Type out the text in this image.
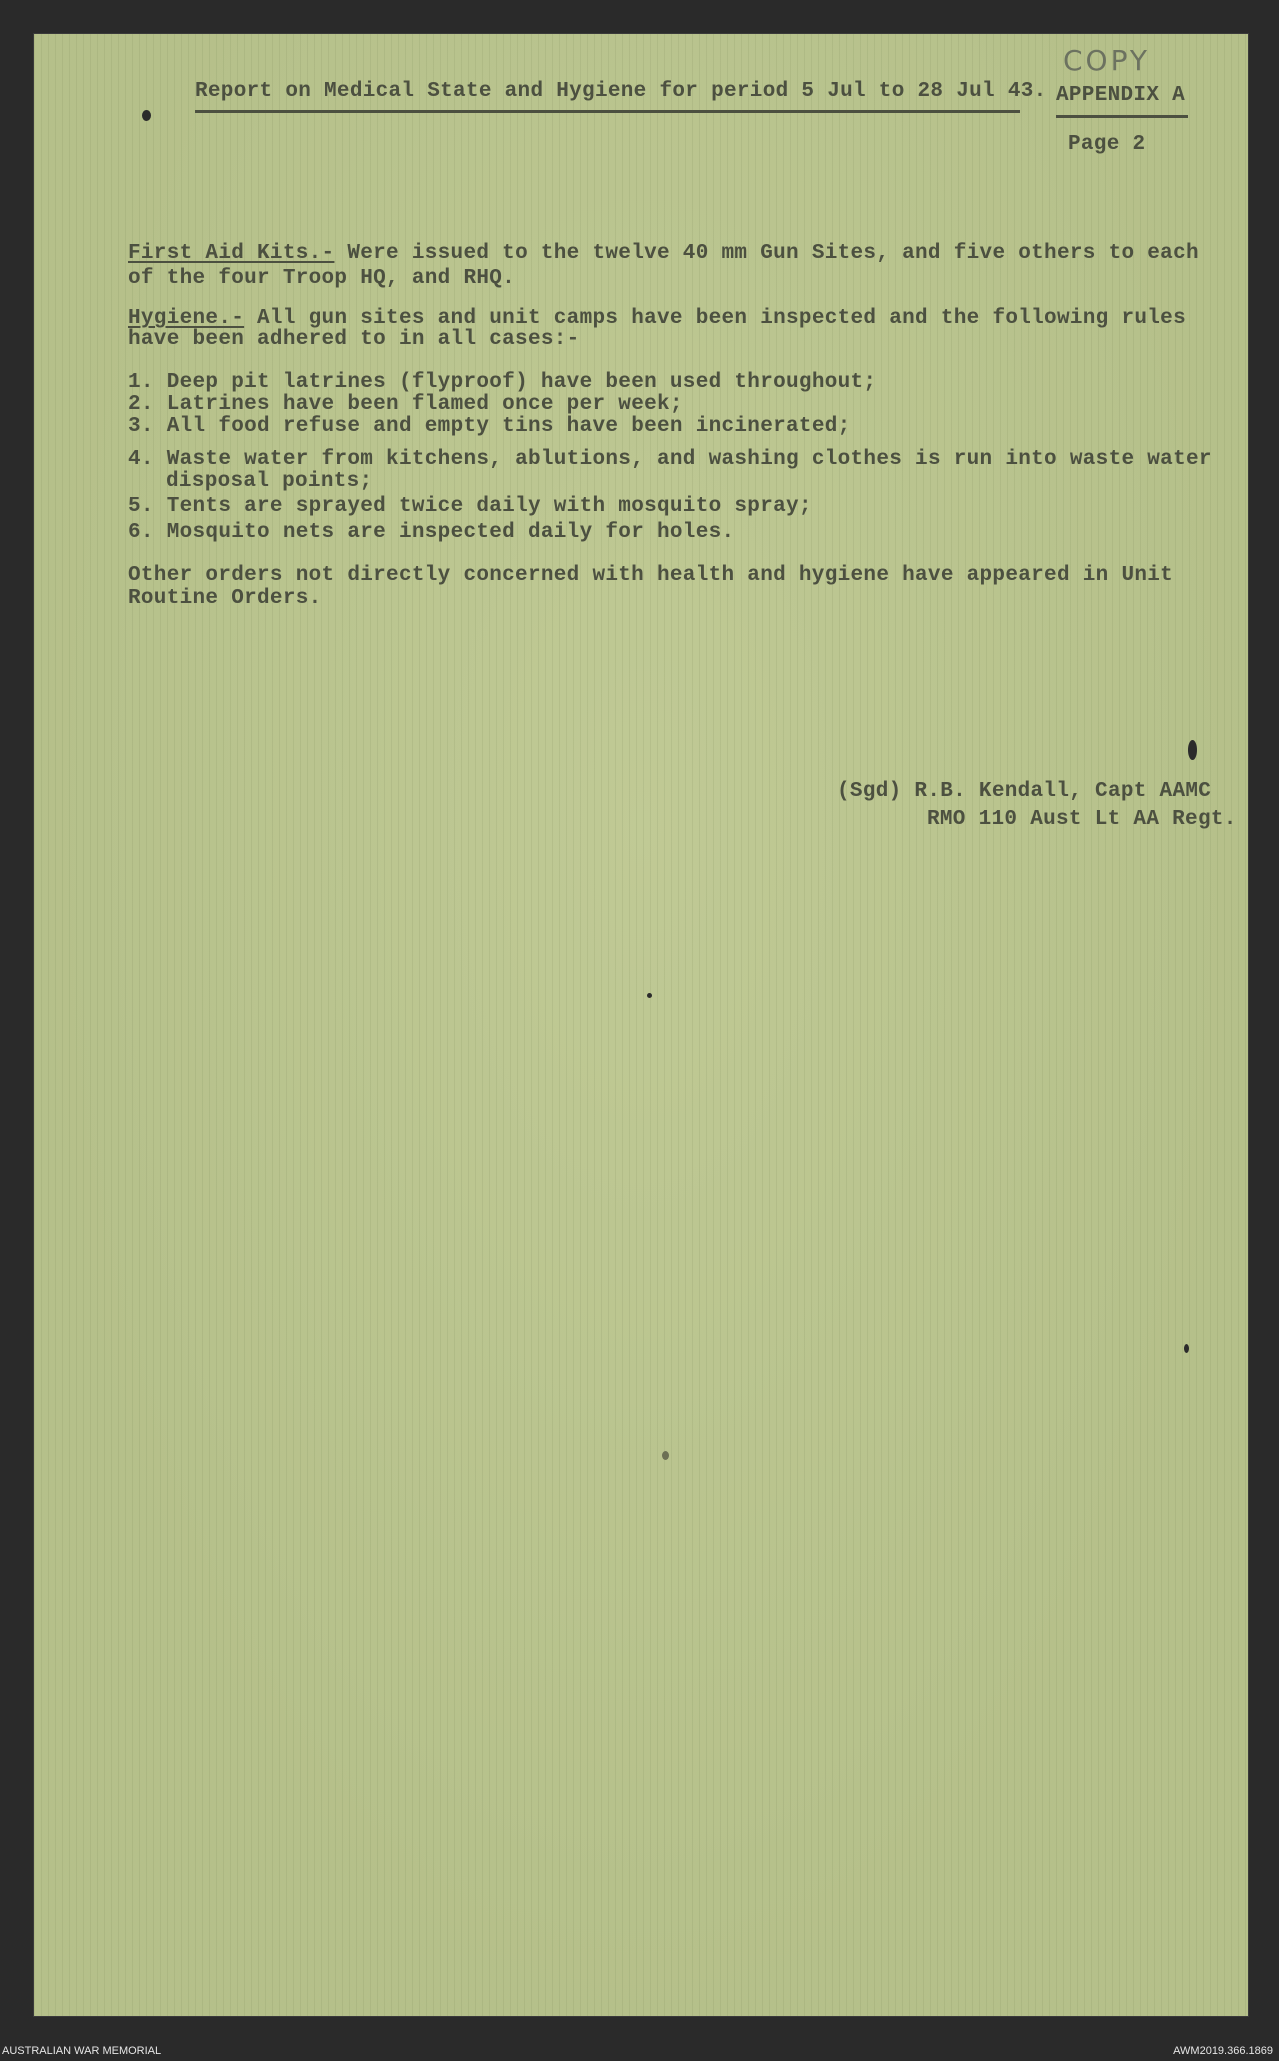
Report on Medical State and Hygiene for period 5 Jul to 28 Jul 43.
COPY
APPENDIX A
Page 2
First Aid Kits.- Were issued to the twelve 40 mm Gun Sites, and five others to each
of the four Troop HQ, and RHQ.
Hygiene.- All gun sites and unit camps have been inspected and the following rules
have been adhered to in all cases:-
1. Deep pit latrines (flyproof) have been used throughout;
2. Latrines have been flamed once per week;
3. All food refuse and empty tins have been incinerated;
4. Waste water from kitchens, ablutions, and washing clothes is run into waste water
disposal points;
5. Tents are sprayed twice daily with mosquito spray;
6. Mosquito nets are inspected daily for holes.
Other orders not directly concerned with health and hygiene have appeared in Unit
Routine Orders.
(Sgd) R.B. Kendall, Capt AAMC
RMO 110 Aust Lt AA Regt.
AUSTRALIAN WAR MEMORIAL	AWM2019.366.1869
